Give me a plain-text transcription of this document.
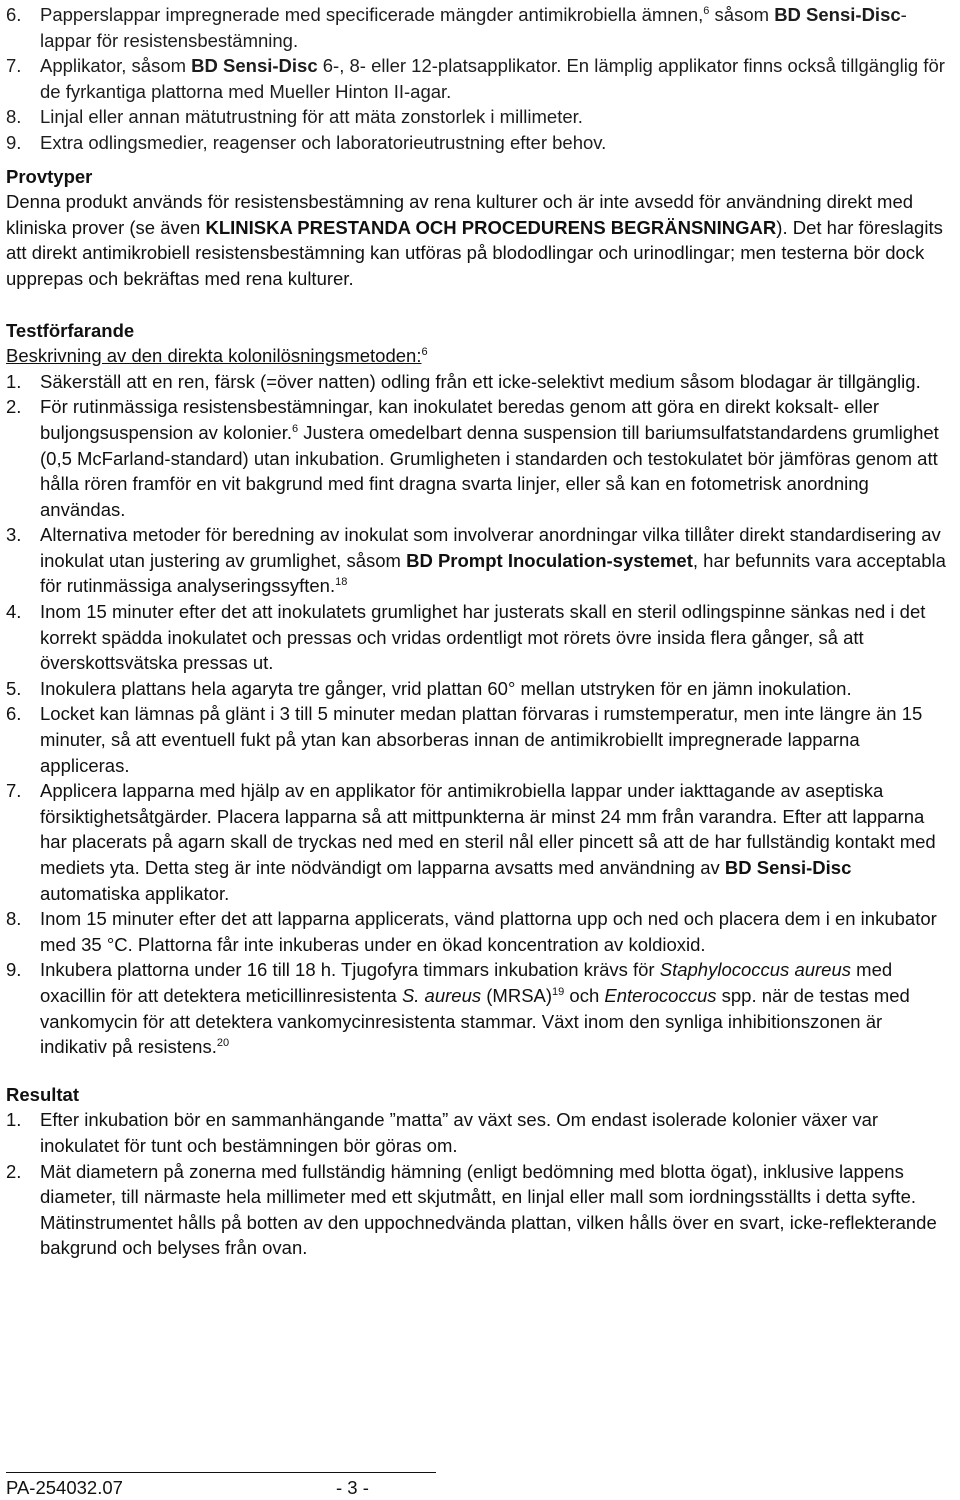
6.	Papperslappar impregnerade med specificerade mängder antimikrobiella ämnen,$^6$ såsom BD Sensi-Disc-lappar för resistensbestämning.
7.	Applikator, såsom BD Sensi-Disc 6-, 8- eller 12-platsapplikator. En lämplig applikator finns också tillgänglig för de fyrkantiga plattorna med Mueller Hinton II-agar.
8.	Linjal eller annan mätutrustning för att mäta zonstorlek i millimeter.
9.	Extra odlingsmedier, reagenser och laboratorieutrustning efter behov.
Provtyper
Denna produkt används för resistensbestämning av rena kulturer och är inte avsedd för användning direkt med kliniska prover (se även KLINISKA PRESTANDA OCH PROCEDURENS BEGRÄNSNINGAR). Det har föreslagits att direkt antimikrobiell resistensbestämning kan utföras på blododlingar och urinodlingar; men testerna bör dock upprepas och bekräftas med rena kulturer.
Testförfarande
Beskrivning av den direkta kolonilösningsmetoden:$^6$
1.	Säkerställ att en ren, färsk (=över natten) odling från ett icke-selektivt medium såsom blodagar är tillgänglig.
2.	För rutinmässiga resistensbestämningar, kan inokulatet beredas genom att göra en direkt koksalt- eller buljongsuspension av kolonier.$^6$ Justera omedelbart denna suspension till bariumsulfatstandardens grumlighet (0,5 McFarland-standard) utan inkubation. Grumligheten i standarden och testokulatet bör jämföras genom att hålla rören framför en vit bakgrund med fint dragna svarta linjer, eller så kan en fotometrisk anordning användas.
3.	Alternativa metoder för beredning av inokulat som involverar anordningar vilka tillåter direkt standardisering av inokulat utan justering av grumlighet, såsom BD Prompt Inoculation-systemet, har befunnits vara acceptabla för rutinmässiga analyseringssyften.$^{18}$
4.	Inom 15 minuter efter det att inokulatets grumlighet har justerats skall en steril odlingspinne sänkas ned i det korrekt spädda inokulatet och pressas och vridas ordentligt mot rörets övre insida flera gånger, så att överskottsvätska pressas ut.
5.	Inokulera plattans hela agaryta tre gånger, vrid plattan 60° mellan utstryken för en jämn inokulation.
6.	Locket kan lämnas på glänt i 3 till 5 minuter medan plattan förvaras i rumstemperatur, men inte längre än 15 minuter, så att eventuell fukt på ytan kan absorberas innan de antimikrobiellt impregnerade lapparna appliceras.
7.	Applicera lapparna med hjälp av en applikator för antimikrobiella lappar under iakttagande av aseptiska försiktighetsåtgärder. Placera lapparna så att mittpunkterna är minst 24 mm från varandra. Efter att lapparna har placerats på agarn skall de tryckas ned med en steril nål eller pincett så att de har fullständig kontakt med mediets yta. Detta steg är inte nödvändigt om lapparna avsatts med användning av BD Sensi-Disc automatiska applikator.
8.	Inom 15 minuter efter det att lapparna applicerats, vänd plattorna upp och ned och placera dem i en inkubator med 35 °C. Plattorna får inte inkuberas under en ökad koncentration av koldioxid.
9.	Inkubera plattorna under 16 till 18 h. Tjugofyra timmars inkubation krävs för Staphylococcus aureus med oxacillin för att detektera meticillinresistenta S. aureus (MRSA)$^{19}$ och Enterococcus spp. när de testas med vankomycin för att detektera vankomycinresistenta stammar. Växt inom den synliga inhibitionszonen är indikativ på resistens.$^{20}$
Resultat
1.	Efter inkubation bör en sammanhängande ”matta” av växt ses. Om endast isolerade kolonier växer var inokulatet för tunt och bestämningen bör göras om.
2.	Mät diametern på zonerna med fullständig hämning (enligt bedömning med blotta ögat), inklusive lappens diameter, till närmaste hela millimeter med ett skjutmått, en linjal eller mall som iordningsställts i detta syfte. Mätinstrumentet hålls på botten av den uppochnedvända plattan, vilken hålls över en svart, icke-reflekterande bakgrund och belyses från ovan.
PA-254032.07	- 3 -
